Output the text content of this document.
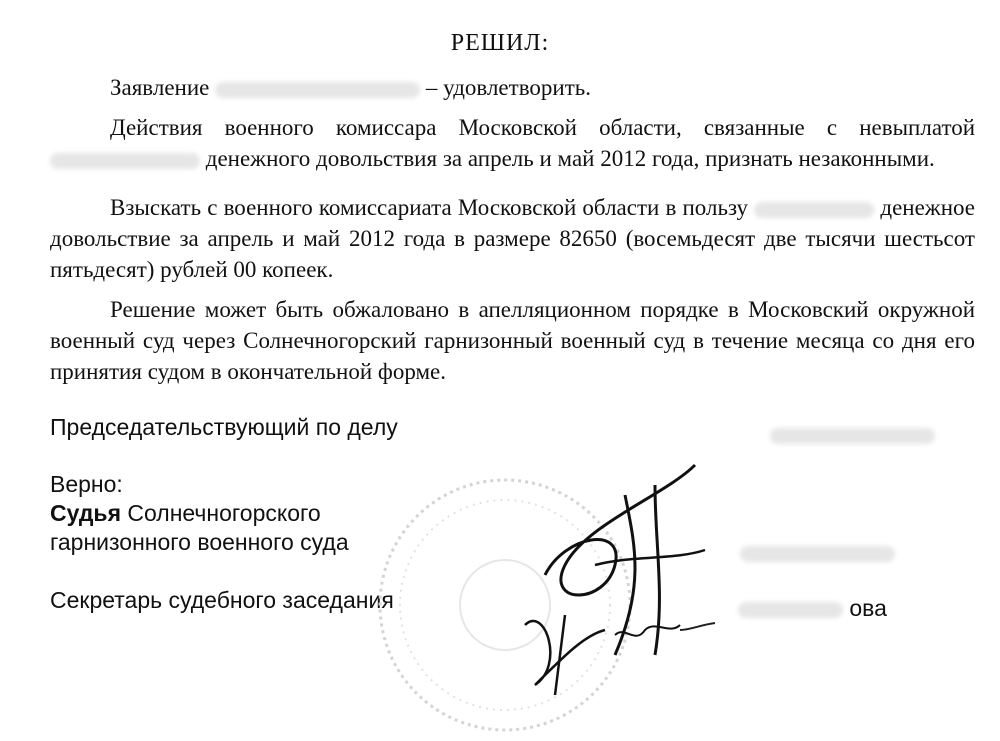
РЕШИЛ:

Заявление	– удовлетворить.

Действия военного комиссара Московской области, связанные с невыплатой  денежного довольствия за апрель и май 2012 года, признать незаконными.

Взыскать с военного комиссариата Московской области в пользу	денежное довольствие за апрель и май 2012 года в размере 82650 (восемьдесят две тысячи шестьсот пятьдесят) рублей 00 копеек.

Решение может быть обжаловано в апелляционном порядке в Московский окружной военный суд через Солнечногорский гарнизонный военный суд в течение месяца со дня его принятия судом в окончательной форме.

Председательствующий по делу
Верно:
Судья Солнечногорского
гарнизонного военного суда
Секретарь судебного заседания	ова
